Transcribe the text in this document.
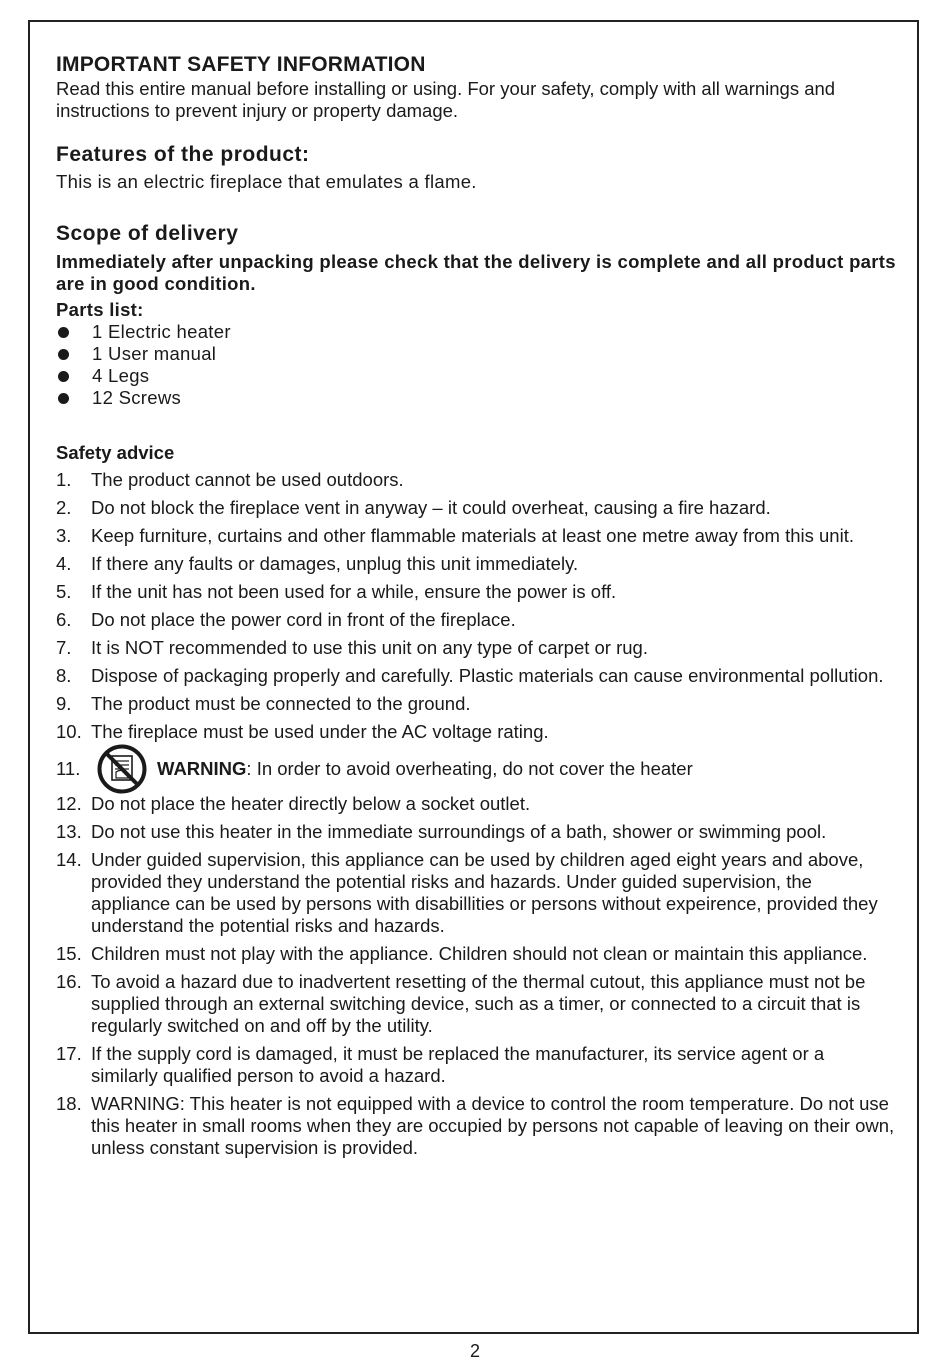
IMPORTANT SAFETY INFORMATION

Read this entire manual before installing or using. For your safety, comply with all warnings and instructions to prevent injury or property damage.

Features of the product:

This is an electric fireplace that emulates a flame.

Scope of delivery

Immediately after unpacking please check that the delivery is complete and all product parts are in good condition.

Parts list:

1 Electric heater
1 User manual
4 Legs
12 Screws

Safety advice

1. The product cannot be used outdoors.
2. Do not block the fireplace vent in anyway – it could overheat, causing a fire hazard.
3. Keep furniture, curtains and other flammable materials at least one metre away from this unit.
4. If there any faults or damages, unplug this unit immediately.
5. If the unit has not been used for a while, ensure the power is off.
6. Do not place the power cord in front of the fireplace.
7. It is NOT recommended to use this unit on any type of carpet or rug.
8. Dispose of packaging properly and carefully. Plastic materials can cause environmental pollution.
9. The product must be connected to the ground.
10. The fireplace must be used under the AC voltage rating.
11.	WARNING: In order to avoid overheating, do not cover the heater
12. Do not place the heater directly below a socket outlet.
13. Do not use this heater in the immediate surroundings of a bath, shower or swimming pool.
14. Under guided supervision, this appliance can be used by children aged eight years and above, provided they understand the potential risks and hazards. Under guided supervision, the appliance can be used by persons with disabillities or persons without expeirence, provided they understand the potential risks and hazards.
15. Children must not play with the appliance. Children should not clean or maintain this appliance.
16. To avoid a hazard due to inadvertent resetting of the thermal cutout, this appliance must not be supplied through an external switching device, such as a timer, or connected to a circuit that is regularly switched on and off by the utility.
17. If the supply cord is damaged, it must be replaced the manufacturer, its service agent or a similarly qualified person to avoid a hazard.
18. WARNING: This heater is not equipped with a device to control the room temperature. Do not use this heater in small rooms when they are occupied by persons not capable of leaving on their own, unless constant supervision is provided.
2
